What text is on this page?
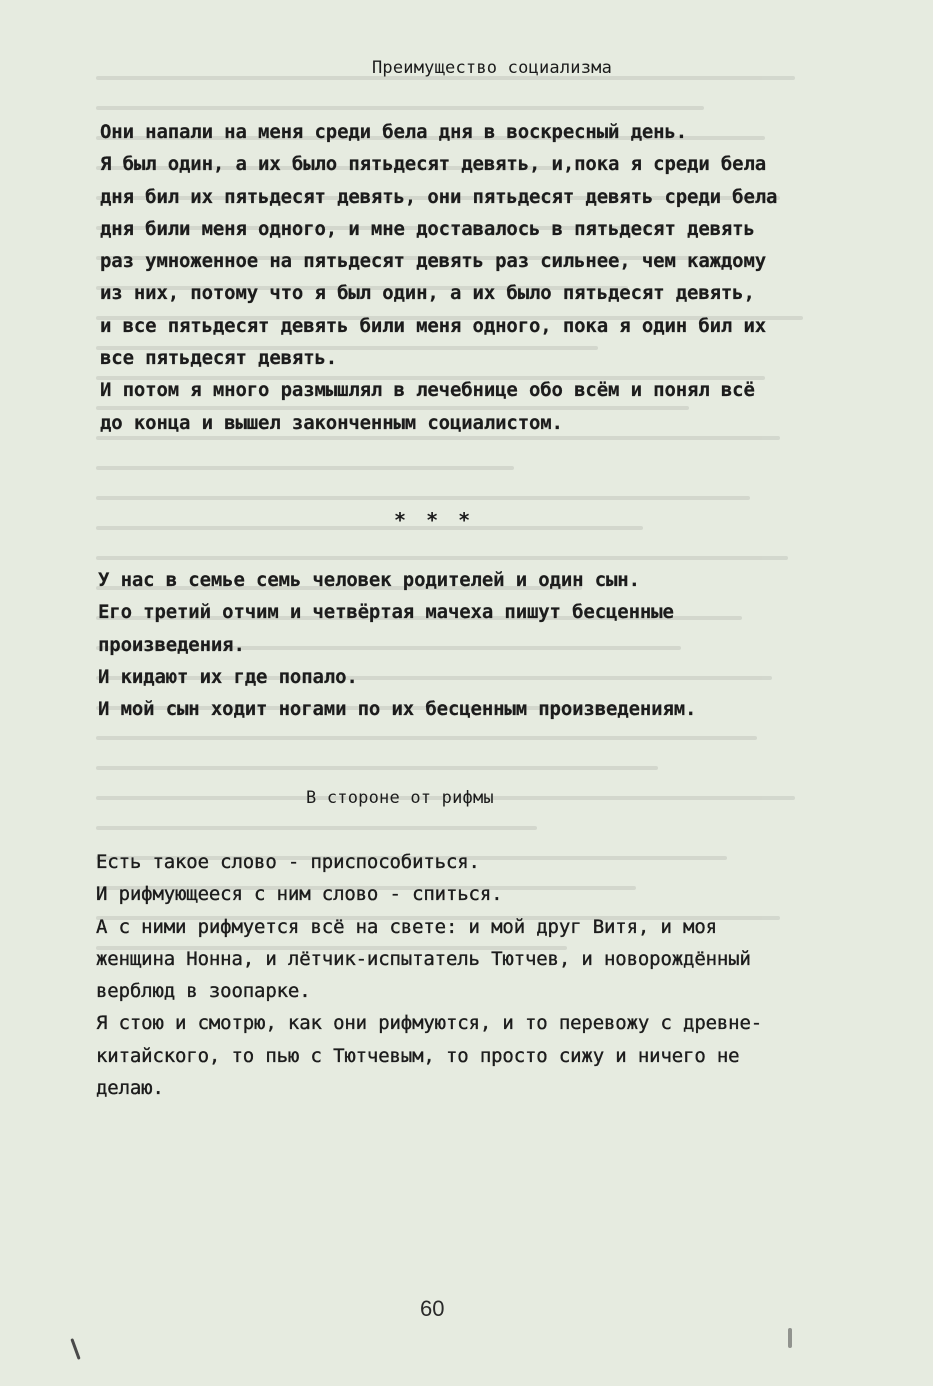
Преимущество социализма
Они напали на меня среди бела дня в воскресный день.
Я был один, а их было пятьдесят девять, и,пока я среди бела
дня бил их пятьдесят девять, они пятьдесят девять среди бела
дня били меня одного, и мне доставалось в пятьдесят девять
раз умноженное на пятьдесят девять раз сильнее, чем каждому
из них, потому что я был один, а их было пятьдесят девять,
и все пятьдесят девять били меня одного, пока я один бил их
все пятьдесят девять.
И потом я много размышлял в лечебнице обо всём и понял всё
до конца и вышел законченным социалистом.
* * *
У нас в семье семь человек родителей и один сын.
Его третий отчим и четвёртая мачеха пишут бесценные
произведения.
И кидают их где попало.
И мой сын ходит ногами по их бесценным произведениям.
В стороне от рифмы
Есть такое слово - приспособиться.
И рифмующееся с ним слово - спиться.
А с ними рифмуется всё на свете: и мой друг Витя, и моя
женщина Нонна, и лётчик-испытатель Тютчев, и новорождённый
верблюд в зоопарке.
Я стою и смотрю, как они рифмуются, и то перевожу с древне-
китайского, то пью с Тютчевым, то просто сижу и ничего не
делаю.
60
